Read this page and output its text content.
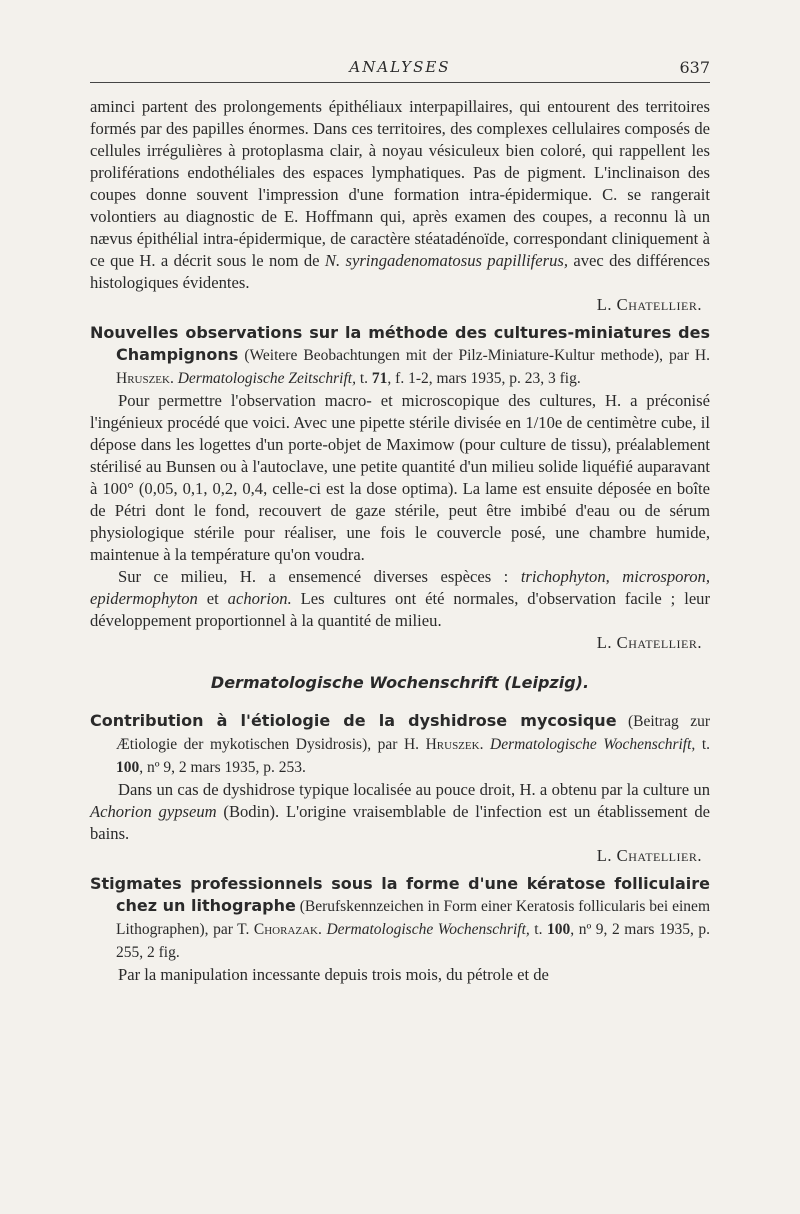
ANALYSES	637

aminci partent des prolongements épithéliaux interpapillaires, qui entourent des territoires formés par des papilles énormes. Dans ces territoires, des complexes cellulaires composés de cellules irrégulières à protoplasma clair, à noyau vésiculeux bien coloré, qui rappellent les proliférations endothéliales des espaces lymphatiques. Pas de pigment. L'inclinaison des coupes donne souvent l'impression d'une formation intra-épidermique. C. se rangerait volontiers au diagnostic de E. Hoffmann qui, après examen des coupes, a reconnu là un nævus épithélial intra-épidermique, de caractère stéatadénoïde, correspondant cliniquement à ce que H. a décrit sous le nom de N. syringadenomatosus papilliferus, avec des différences histologiques évidentes.

L. Chatellier.

Nouvelles observations sur la méthode des cultures-miniatures des Champignons (Weitere Beobachtungen mit der Pilz-Miniature-Kultur methode), par H. Hruszek. Dermatologische Zeitschrift, t. 71, f. 1-2, mars 1935, p. 23, 3 fig.

Pour permettre l'observation macro- et microscopique des cultures, H. a préconisé l'ingénieux procédé que voici. Avec une pipette stérile divisée en 1/10e de centimètre cube, il dépose dans les logettes d'un porte-objet de Maximow (pour culture de tissu), préalablement stérilisé au Bunsen ou à l'autoclave, une petite quantité d'un milieu solide liquéfié auparavant à 100° (0,05, 0,1, 0,2, 0,4, celle-ci est la dose optima). La lame est ensuite déposée en boîte de Pétri dont le fond, recouvert de gaze stérile, peut être imbibé d'eau ou de sérum physiologique stérile pour réaliser, une fois le couvercle posé, une chambre humide, maintenue à la température qu'on voudra.

Sur ce milieu, H. a ensemencé diverses espèces : trichophyton, microsporon, epidermophyton et achorion. Les cultures ont été normales, d'observation facile ; leur développement proportionnel à la quantité de milieu.

L. Chatellier.

Dermatologische Wochenschrift (Leipzig).

Contribution à l'étiologie de la dyshidrose mycosique (Beitrag zur Ætiologie der mykotischen Dysidrosis), par H. Hruszek. Dermatologische Wochenschrift, t. 100, nº 9, 2 mars 1935, p. 253.

Dans un cas de dyshidrose typique localisée au pouce droit, H. a obtenu par la culture un Achorion gypseum (Bodin). L'origine vraisemblable de l'infection est un établissement de bains.

L. Chatellier.

Stigmates professionnels sous la forme d'une kératose folliculaire chez un lithographe (Berufskennzeichen in Form einer Keratosis follicularis bei einem Lithographen), par T. Chorazak. Dermatologische Wochenschrift, t. 100, nº 9, 2 mars 1935, p. 255, 2 fig.

Par la manipulation incessante depuis trois mois, du pétrole et de
